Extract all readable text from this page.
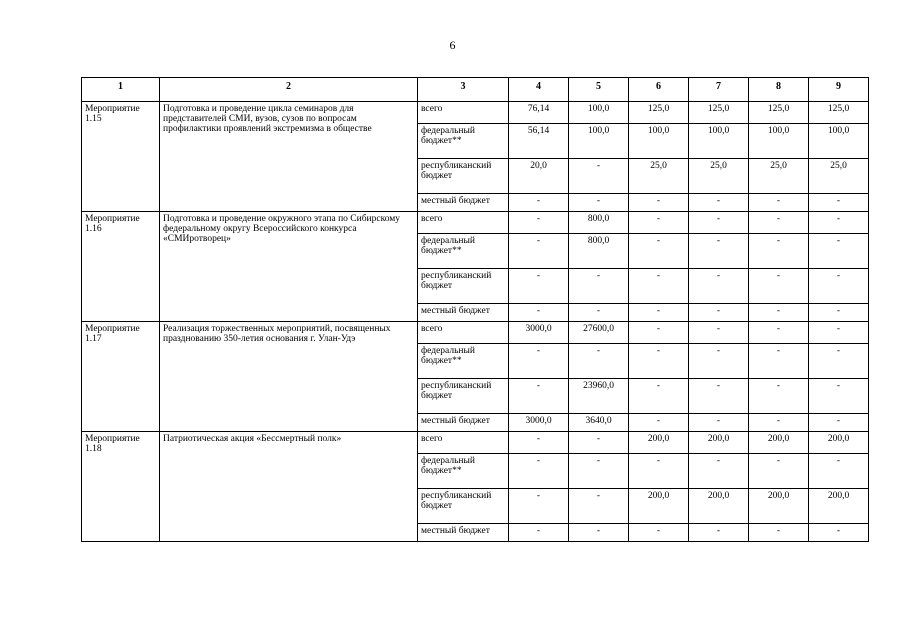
6
1	2	3	4	5	6	7	8	9
Мероприятие 1.15	Подготовка и проведение цикла семинаров для представителей СМИ, вузов, сузов по вопросам профилактики проявлений экстремизма в обществе	всего	76,14	100,0	125,0	125,0	125,0	125,0
		федеральный бюджет**	56,14	100,0	100,0	100,0	100,0	100,0
		республиканский бюджет	20,0	-	25,0	25,0	25,0	25,0
		местный бюджет	-	-	-	-	-	-
Мероприятие 1.16	Подготовка и проведение окружного этапа по Сибирскому федеральному округу Всероссийского конкурса «СМИротворец»	всего	-	800,0	-	-	-	-
		федеральный бюджет**	-	800,0	-	-	-	-
		республиканский бюджет	-	-	-	-	-	-
		местный бюджет	-	-	-	-	-	-
Мероприятие 1.17	Реализация торжественных мероприятий, посвященных празднованию 350-летия основания г. Улан-Удэ	всего	3000,0	27600,0	-	-	-	-
		федеральный бюджет**	-	-	-	-	-	-
		республиканский бюджет	-	23960,0	-	-	-	-
		местный бюджет	3000,0	3640,0	-	-	-	-
Мероприятие 1.18	Патриотическая акция «Бессмертный полк»	всего	-	-	200,0	200,0	200,0	200,0
		федеральный бюджет**	-	-	-	-	-	-
		республиканский бюджет	-	-	200,0	200,0	200,0	200,0
		местный бюджет	-	-	-	-	-	-
